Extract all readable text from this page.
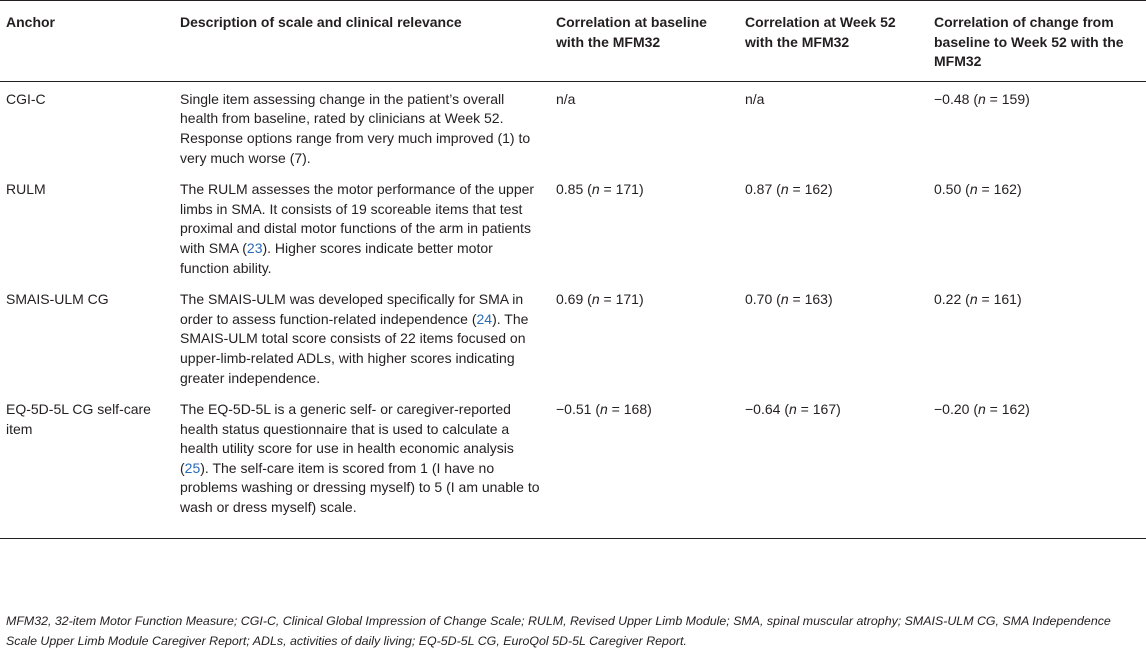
Anchor	Description of scale and clinical relevance	Correlation at baseline with the MFM32	Correlation at Week 52 with the MFM32	Correlation of change from baseline to Week 52 with the MFM32
CGI-C	Single item assessing change in the patient’s overall health from baseline, rated by clinicians at Week 52. Response options range from very much improved (1) to very much worse (7).	n/a	n/a	−0.48 (n = 159)
RULM	The RULM assesses the motor performance of the upper limbs in SMA. It consists of 19 scoreable items that test proximal and distal motor functions of the arm in patients with SMA (23). Higher scores indicate better motor function ability.	0.85 (n = 171)	0.87 (n = 162)	0.50 (n = 162)
SMAIS-ULM CG	The SMAIS-ULM was developed specifically for SMA in order to assess function-related independence (24). The SMAIS-ULM total score consists of 22 items focused on upper-limb-related ADLs, with higher scores indicating greater independence.	0.69 (n = 171)	0.70 (n = 163)	0.22 (n = 161)
EQ-5D-5L CG self-care item	The EQ-5D-5L is a generic self- or caregiver-reported health status questionnaire that is used to calculate a health utility score for use in health economic analysis (25). The self-care item is scored from 1 (I have no problems washing or dressing myself) to 5 (I am unable to wash or dress myself) scale.	−0.51 (n = 168)	−0.64 (n = 167)	−0.20 (n = 162)
MFM32, 32-item Motor Function Measure; CGI-C, Clinical Global Impression of Change Scale; RULM, Revised Upper Limb Module; SMA, spinal muscular atrophy; SMAIS-ULM CG, SMA Independence Scale Upper Limb Module Caregiver Report; ADLs, activities of daily living; EQ-5D-5L CG, EuroQol 5D-5L Caregiver Report.
